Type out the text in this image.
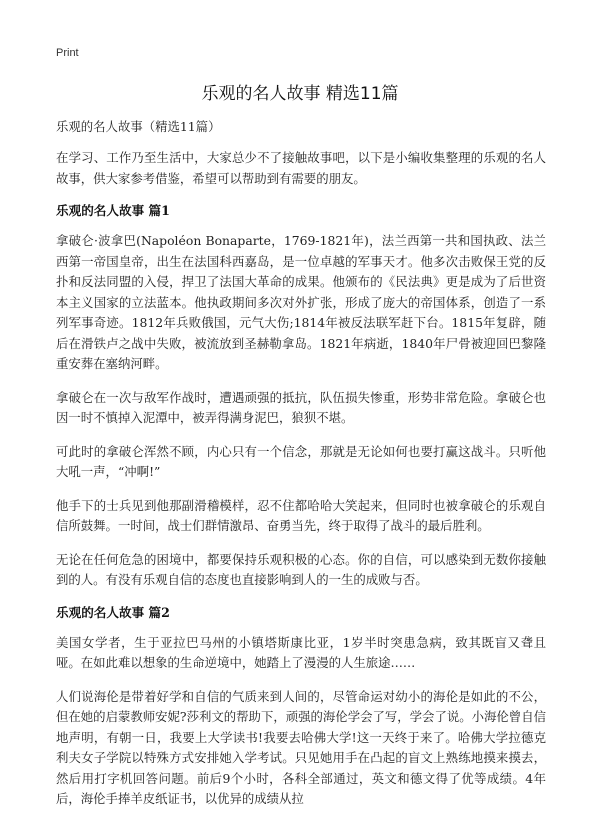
Print
乐观的名人故事 精选11篇

乐观的名人故事（精选11篇）

在学习、工作乃至生活中，大家总少不了接触故事吧，以下是小编收集整理的乐观的名人故事，供大家参考借鉴，希望可以帮助到有需要的朋友。

乐观的名人故事 篇1

拿破仑·波拿巴(Napoléon Bonaparte，1769-1821年)，法兰西第一共和国执政、法兰西第一帝国皇帝，出生在法国科西嘉岛，是一位卓越的军事天才。他多次击败保王党的反扑和反法同盟的入侵，捍卫了法国大革命的成果。他颁布的《民法典》更是成为了后世资本主义国家的立法蓝本。他执政期间多次对外扩张，形成了庞大的帝国体系，创造了一系列军事奇迹。1812年兵败俄国，元气大伤;1814年被反法联军赶下台。1815年复辟，随后在滑铁卢之战中失败，被流放到圣赫勒拿岛。1821年病逝，1840年尸骨被迎回巴黎隆重安葬在塞纳河畔。

拿破仑在一次与敌军作战时，遭遇顽强的抵抗，队伍损失惨重，形势非常危险。拿破仑也因一时不慎掉入泥潭中，被弄得满身泥巴，狼狈不堪。

可此时的拿破仑浑然不顾，内心只有一个信念，那就是无论如何也要打赢这战斗。只听他大吼一声，“冲啊!”

他手下的士兵见到他那副滑稽模样，忍不住都哈哈大笑起来，但同时也被拿破仑的乐观自信所鼓舞。一时间，战士们群情激昂、奋勇当先，终于取得了战斗的最后胜利。

无论在任何危急的困境中，都要保持乐观积极的心态。你的自信，可以感染到无数你接触到的人。有没有乐观自信的态度也直接影响到人的一生的成败与否。

乐观的名人故事 篇2

美国女学者，生于亚拉巴马州的小镇塔斯康比亚，1岁半时突患急病，致其既盲又聋且哑。在如此难以想象的生命逆境中，她踏上了漫漫的人生旅途……

人们说海伦是带着好学和自信的气质来到人间的，尽管命运对幼小的海伦是如此的不公，但在她的启蒙教师安妮?莎利文的帮助下，顽强的海伦学会了写，学会了说。小海伦曾自信地声明，有朝一日，我要上大学读书!我要去哈佛大学!这一天终于来了。哈佛大学拉德克利夫女子学院以特殊方式安排她入学考试。只见她用手在凸起的盲文上熟练地摸来摸去，然后用打字机回答问题。前后9个小时，各科全部通过，英文和德文得了优等成绩。4年后，海伦手捧羊皮纸证书，以优异的成绩从拉
